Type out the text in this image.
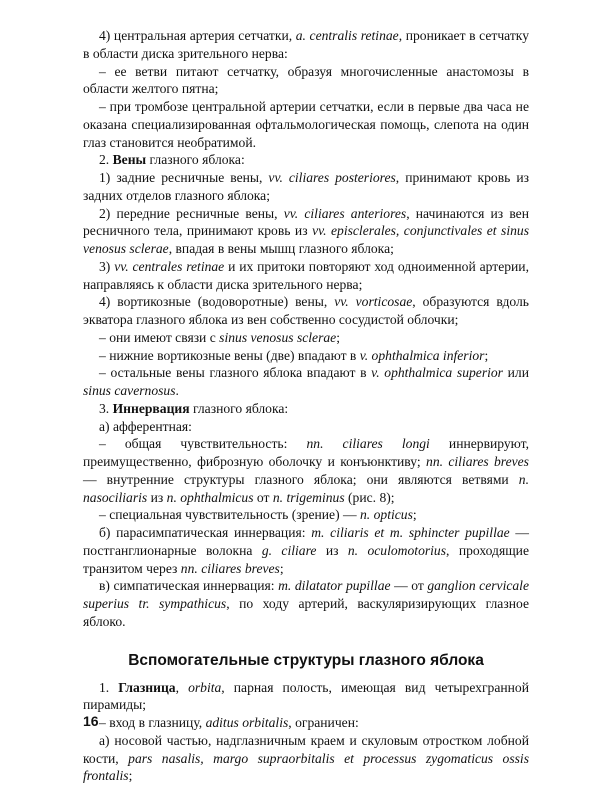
4) центральная артерия сетчатки, a. centralis retinae, проникает в сетчатку в области диска зрительного нерва:

– ее ветви питают сетчатку, образуя многочисленные анастомозы в области желтого пятна;

– при тромбозе центральной артерии сетчатки, если в первые два часа не оказана специализированная офтальмологическая помощь, слепота на один глаз становится необратимой.

2. Вены глазного яблока:

1) задние ресничные вены, vv. ciliares posteriores, принимают кровь из задних отделов глазного яблока;

2) передние ресничные вены, vv. ciliares anteriores, начинаются из вен ресничного тела, принимают кровь из vv. episclerales, conjunctivales et sinus venosus sclerae, впадая в вены мышц глазного яблока;

3) vv. centrales retinae и их притоки повторяют ход одноименной артерии, направляясь к области диска зрительного нерва;

4) вортикозные (водоворотные) вены, vv. vorticosae, образуются вдоль экватора глазного яблока из вен собственно сосудистой облочки;

– они имеют связи с sinus venosus sclerae;

– нижние вортикозные вены (две) впадают в v. ophthalmica inferior;

– остальные вены глазного яблока впадают в v. ophthalmica superior или sinus cavernosus.

3. Иннервация глазного яблока:

а) афферентная:

– общая чувствительность: nn. ciliares longi иннервируют, преимущественно, фиброзную оболочку и конъюнктиву; nn. ciliares breves — внутренние структуры глазного яблока; они являются ветвями n. nasociliaris из n. ophthalmicus от n. trigeminus (рис. 8);

– специальная чувствительность (зрение) — n. opticus;

б) парасимпатическая иннервация: m. ciliaris et m. sphincter pupillae — постганглионарные волокна g. ciliare из n. oculomotorius, проходящие транзитом через nn. ciliares breves;

в) симпатическая иннервация: m. dilatator pupillae — от ganglion cervicale superius tr. sympathicus, по ходу артерий, васкуляризирующих глазное яблоко.

Вспомогательные структуры глазного яблока

1. Глазница, orbita, парная полость, имеющая вид четырехгранной пирамиды;

– вход в глазницу, aditus orbitalis, ограничен:

а) носовой частью, надглазничным краем и скуловым отростком лобной кости, pars nasalis, margo supraorbitalis et processus zygomaticus ossis frontalis;

16
